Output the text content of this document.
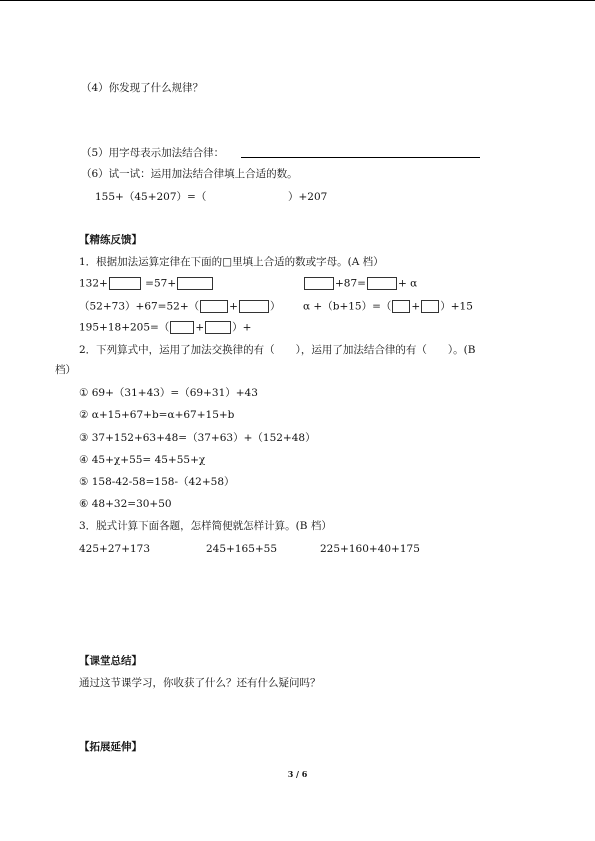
（4）你发现了什么规律？
（5）用字母表示加法结合律：
（6）试一试：运用加法结合律填上合适的数。
155+（45+207）=（	）+207
【精练反馈】
1．根据加法运算定律在下面的□里填上合适的数或字母。(A 档）
132+	=57+	+87=	+ α
（52+73）+67=52+（	+	） α +（b+15）=（ + ）+15
195+18+205=（ +	）+
2．下列算式中，运用了加法交换律的有（　　），运用了加法结合律的有（　　）。(B
档）
① 69+（31+43）=（69+31）+43
② α+15+67+b=α+67+15+b
③ 37+152+63+48=（37+63）+（152+48）
④ 45+χ+55= 45+55+χ
⑤ 158-42-58=158-（42+58）
⑥ 48+32=30+50
3．脱式计算下面各题，怎样简便就怎样计算。(B 档）
425+27+173	245+165+55	225+160+40+175
【课堂总结】
通过这节课学习，你收获了什么？还有什么疑问吗？
【拓展延伸】
3 / 6
